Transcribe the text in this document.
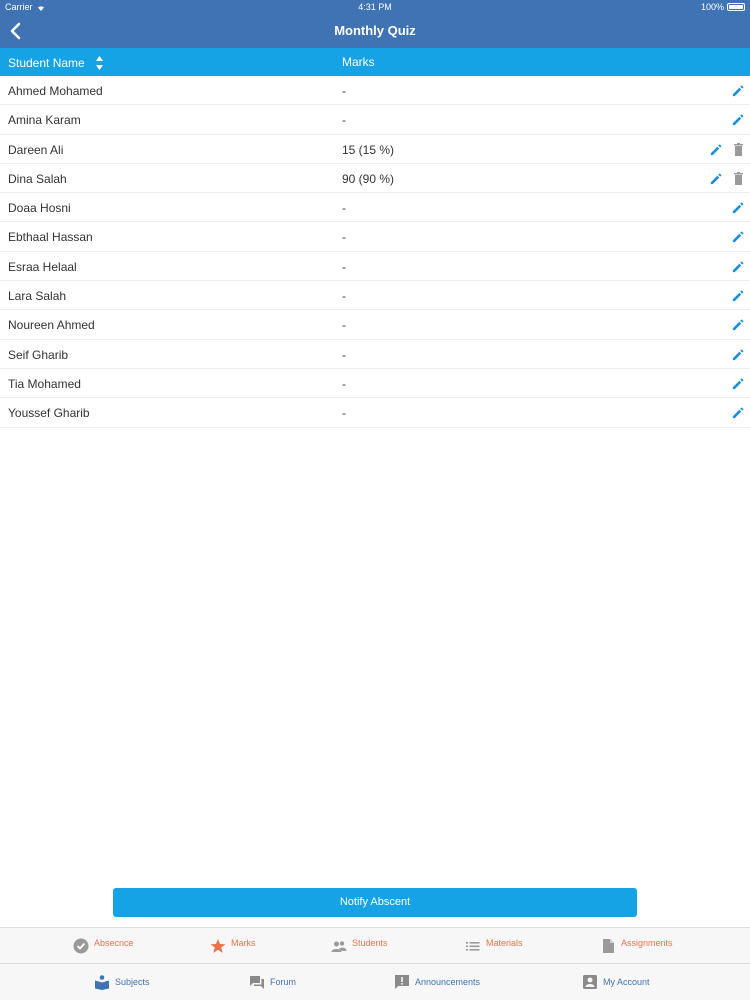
Carrier	4:31 PM	100%
Monthly Quiz
Student Name	Marks
Ahmed Mohamed	-
Amina Karam	-
Dareen Ali	15 (15 %)
Dina Salah	90 (90 %)
Doaa Hosni	-
Ebthaal Hassan	-
Esraa Helaal	-
Lara Salah	-
Noureen Ahmed	-
Seif Gharib	-
Tia Mohamed	-
Youssef Gharib	-
Notify Abscent
Absecnce	Marks	Students	Materials	Assignments
Subjects	Forum	Announcements	My Account
